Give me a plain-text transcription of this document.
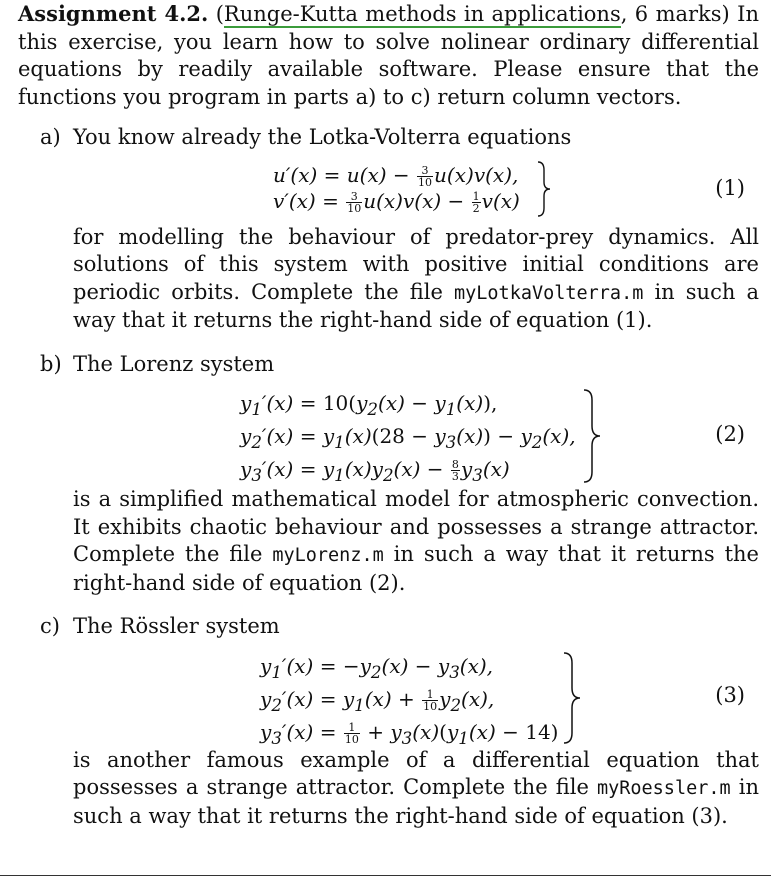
Assignment 4.2. (Runge-Kutta methods in applications, 6 marks) In this exercise, you learn how to solve nolinear ordinary differential equations by readily available software. Please ensure that the functions you program in parts a) to c) return column vectors.

a) You know already the Lotka-Volterra equations

$u'(x) = u(x) - \frac{3}{10} u(x)v(x)$,
$v'(x) = \frac{3}{10} u(x)v(x) - \frac{1}{2} v(x)$
(1)

for modelling the behaviour of predator-prey dynamics. All solutions of this system with positive initial conditions are periodic orbits. Complete the file myLotkaVolterra.m in such a way that it returns the right-hand side of equation (1).

b) The Lorenz system

$y_1'(x) = 10(y_2(x) - y_1(x))$,
$y_2'(x) = y_1(x)(28 - y_3(x)) - y_2(x)$,
$y_3'(x) = y_1(x)y_2(x) - \frac{8}{3} y_3(x)$
(2)

is a simplified mathematical model for atmospheric convection. It exhibits chaotic behaviour and possesses a strange attractor. Complete the file myLorenz.m in such a way that it returns the right-hand side of equation (2).

c) The Rössler system

$y_1'(x) = -y_2(x) - y_3(x)$,
$y_2'(x) = y_1(x) + \frac{1}{10} y_2(x)$,
$y_3'(x) = \frac{1}{10} + y_3(x)(y_1(x) - 14)$
(3)

is another famous example of a differential equation that possesses a strange attractor. Complete the file myRoessler.m in such a way that it returns the right-hand side of equation (3).
